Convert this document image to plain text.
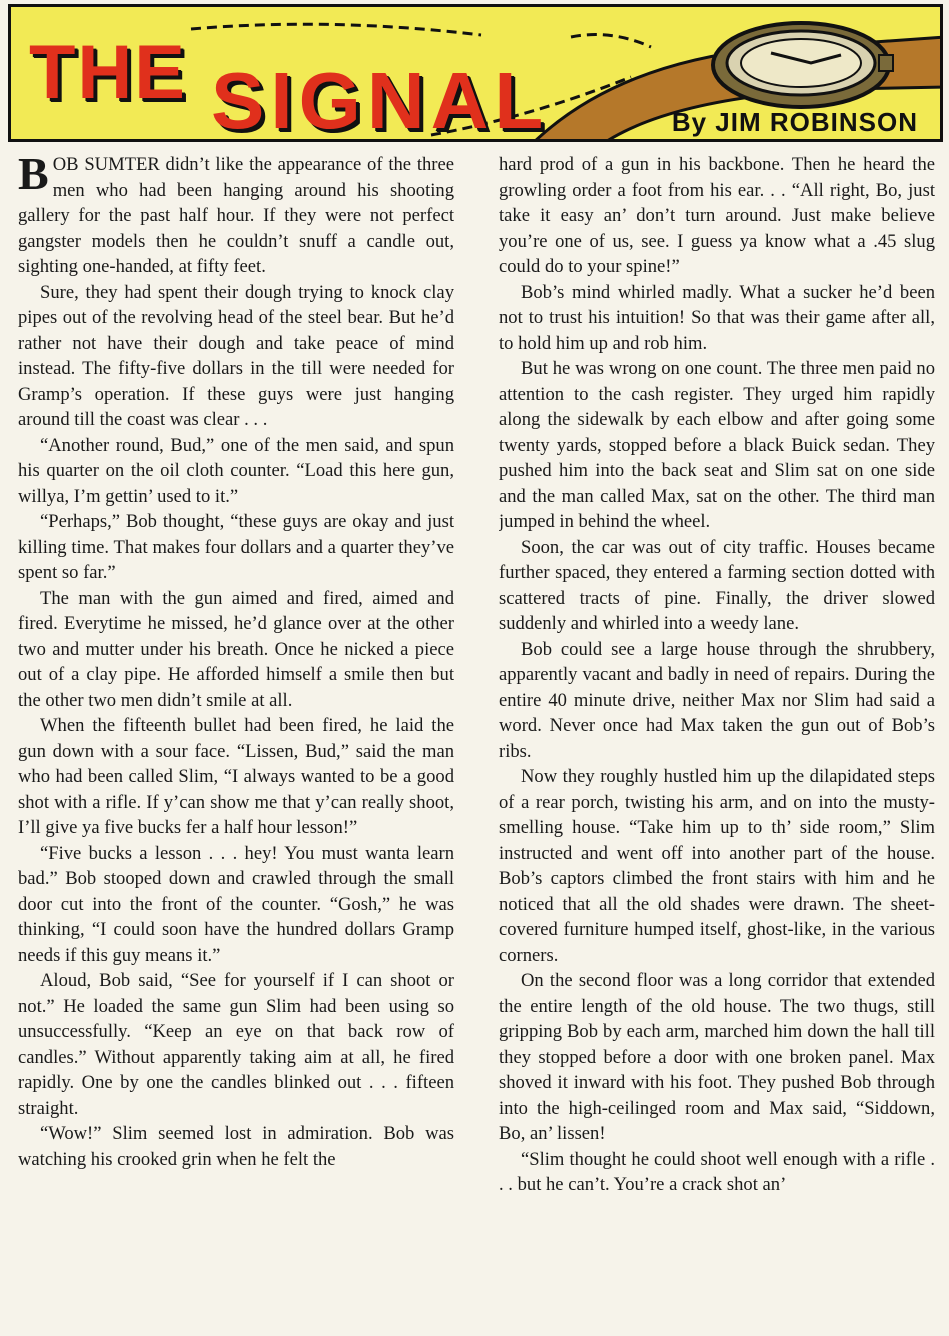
THE SIGNAL	By JIM ROBINSON

BOB SUMTER didn’t like the appearance of the three men who had been hanging around his shooting gallery for the past half hour. If they were not perfect gangster models then he couldn’t snuff a candle out, sighting one-handed, at fifty feet.

Sure, they had spent their dough trying to knock clay pipes out of the revolving head of the steel bear. But he’d rather not have their dough and take peace of mind instead. The fifty-five dollars in the till were needed for Gramp’s operation. If these guys were just hanging around till the coast was clear . . .

“Another round, Bud,” one of the men said, and spun his quarter on the oil cloth counter. “Load this here gun, willya, I’m gettin’ used to it.”

“Perhaps,” Bob thought, “these guys are okay and just killing time. That makes four dollars and a quarter they’ve spent so far.”

The man with the gun aimed and fired, aimed and fired. Everytime he missed, he’d glance over at the other two and mutter under his breath. Once he nicked a piece out of a clay pipe. He afforded himself a smile then but the other two men didn’t smile at all.

When the fifteenth bullet had been fired, he laid the gun down with a sour face. “Lissen, Bud,” said the man who had been called Slim, “I always wanted to be a good shot with a rifle. If y’can show me that y’can really shoot, I’ll give ya five bucks fer a half hour lesson!”

“Five bucks a lesson . . . hey! You must wanta learn bad.” Bob stooped down and crawled through the small door cut into the front of the counter. “Gosh,” he was thinking, “I could soon have the hundred dollars Gramp needs if this guy means it.”

Aloud, Bob said, “See for yourself if I can shoot or not.” He loaded the same gun Slim had been using so unsuccessfully. “Keep an eye on that back row of candles.” Without apparently taking aim at all, he fired rapidly. One by one the candles blinked out . . . fifteen straight.

“Wow!” Slim seemed lost in admiration. Bob was watching his crooked grin when he felt the

hard prod of a gun in his backbone. Then he heard the growling order a foot from his ear. . . “All right, Bo, just take it easy an’ don’t turn around. Just make believe you’re one of us, see. I guess ya know what a .45 slug could do to your spine!”

Bob’s mind whirled madly. What a sucker he’d been not to trust his intuition! So that was their game after all, to hold him up and rob him.

But he was wrong on one count. The three men paid no attention to the cash register. They urged him rapidly along the sidewalk by each elbow and after going some twenty yards, stopped before a black Buick sedan. They pushed him into the back seat and Slim sat on one side and the man called Max, sat on the other. The third man jumped in behind the wheel.

Soon, the car was out of city traffic. Houses became further spaced, they entered a farming section dotted with scattered tracts of pine. Finally, the driver slowed suddenly and whirled into a weedy lane.

Bob could see a large house through the shrubbery, apparently vacant and badly in need of repairs. During the entire 40 minute drive, neither Max nor Slim had said a word. Never once had Max taken the gun out of Bob’s ribs.

Now they roughly hustled him up the dilapidated steps of a rear porch, twisting his arm, and on into the musty-smelling house. “Take him up to th’ side room,” Slim instructed and went off into another part of the house. Bob’s captors climbed the front stairs with him and he noticed that all the old shades were drawn. The sheet-covered furniture humped itself, ghost-like, in the various corners.

On the second floor was a long corridor that extended the entire length of the old house. The two thugs, still gripping Bob by each arm, marched him down the hall till they stopped before a door with one broken panel. Max shoved it inward with his foot. They pushed Bob through into the high-ceilinged room and Max said, “Siddown, Bo, an’ lissen!

“Slim thought he could shoot well enough with a rifle . . . but he can’t. You’re a crack shot an’
